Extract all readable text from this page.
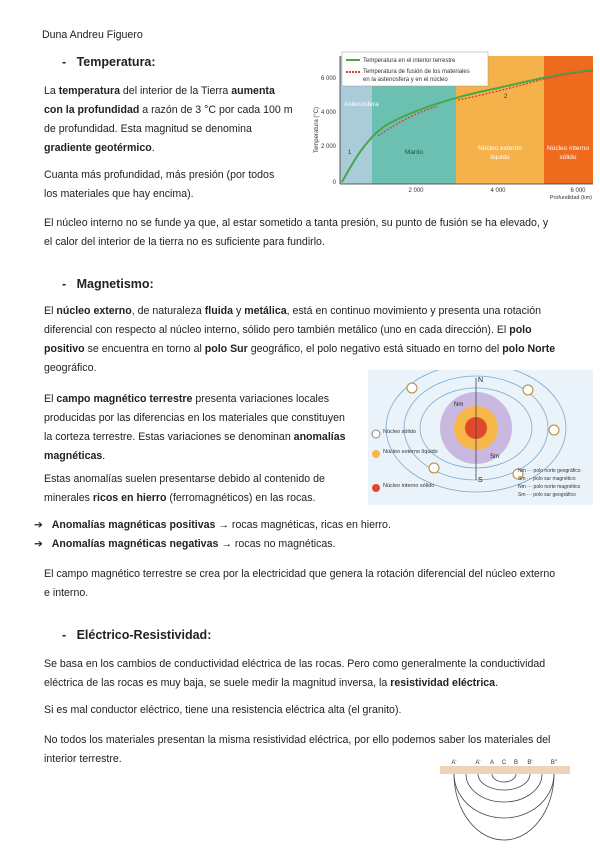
Duna Andreu Figuero
-   Temperatura:
La temperatura del interior de la Tierra aumenta
con la profundidad a razón de 3 °C por cada 100 m
de profundidad. Esta magnitud se denomina
gradiente geotérmico.
Cuanta más profundidad, más presión (por todos
los materiales que hay encima).
El núcleo interno no se funde ya que, al estar sometido a tanta presión, su punto de fusión se ha elevado, y
el calor del interior de la tierra no es suficiente para fundirlo.
Temperatura en el interior terrestre
Temperatura de fusión de los materiales
en la astenosfera y en el núcleo
6 000
4 000
2 000
0
Temperatura (°C)
2 000	4 000	6 000
Profundidad (km)
Astenosfera
Manto
Núcleo externo
líquido
Núcleo interno
sólido
1
2
-   Magnetismo:
El núcleo externo, de naturaleza fluida y metálica, está en continuo movimiento y presenta una rotación
diferencial con respecto al núcleo interno, sólido pero también metálico (uno en cada dirección). El polo
positivo se encuentra en torno al polo Sur geográfico, el polo negativo está situado en torno del polo Norte
geográfico.
El campo magnético terrestre presenta variaciones locales
producidas por las diferencias en los materiales que constituyen
la corteza terrestre. Estas variaciones se denominan anomalías
magnéticas.
Estas anomalías suelen presentarse debido al contenido de
minerales ricos en hierro (ferromagnéticos) en las rocas.
N
S
Nm
Sm
Núcleo sólido
Núcleo externo líquido
Núcleo interno sólido
Nm ··· polo norte geográfico
Sm ··· polo sur magnético
Nm ··· polo norte magnético
Sm ··· polo sur geográfico
➔ Anomalías magnéticas positivas → rocas magnéticas, ricas en hierro.
➔ Anomalías magnéticas negativas → rocas no magnéticas.
El campo magnético terrestre se crea por la electricidad que genera la rotación diferencial del núcleo externo
e interno.
-   Eléctrico-Resistividad:
Se basa en los cambios de conductividad eléctrica de las rocas. Pero como generalmente la conductividad
eléctrica de las rocas es muy baja, se suele medir la magnitud inversa, la resistividad eléctrica.
Si es mal conductor eléctrico, tiene una resistencia eléctrica alta (el granito).
No todos los materiales presentan la misma resistividad eléctrica, por ello podemos saber los materiales del
interior terrestre.	A'	A' A C B B'	B''
